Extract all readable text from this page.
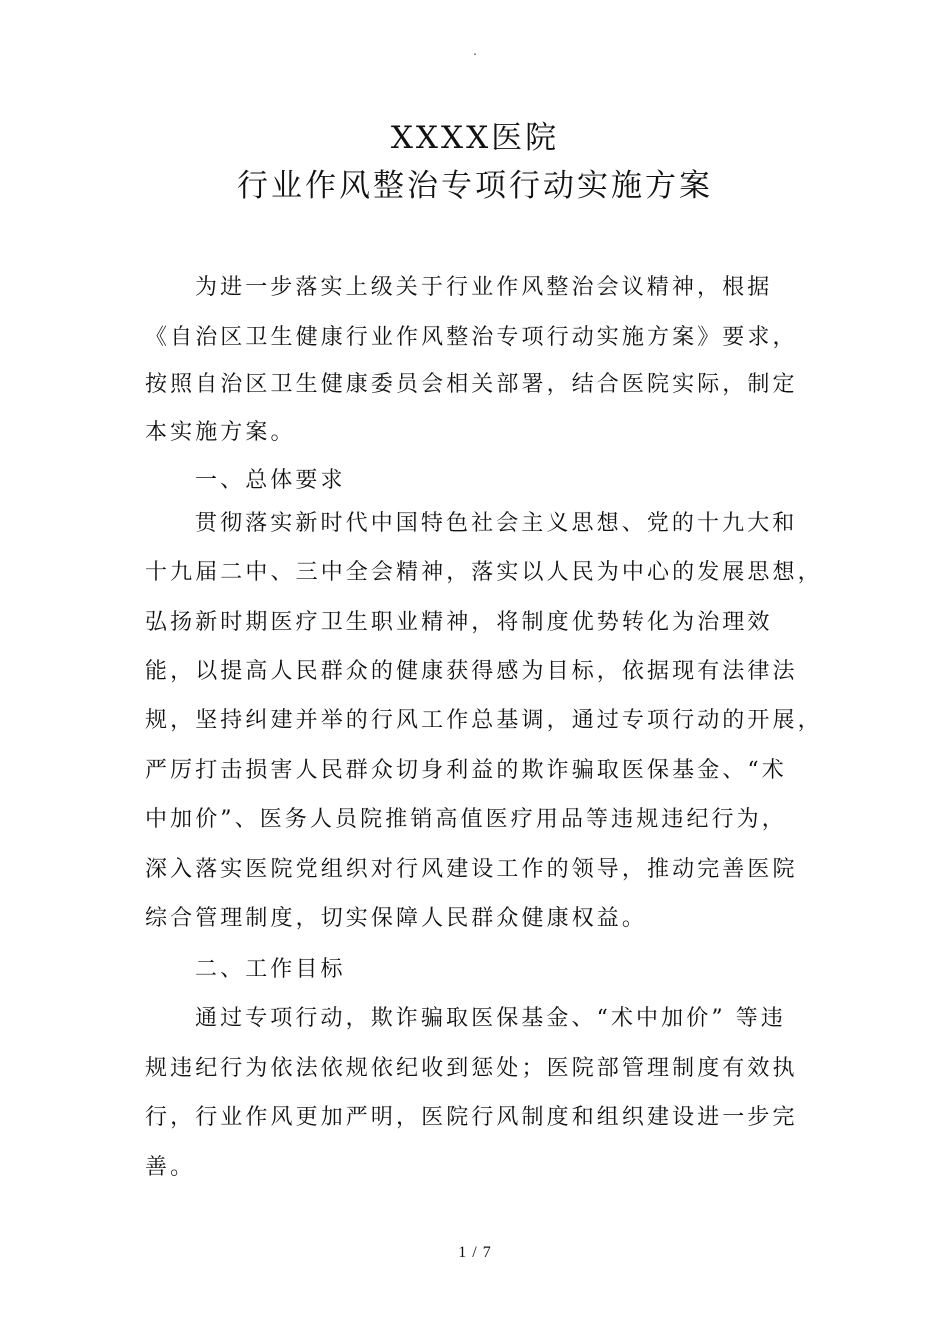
.
XXXX医院
行业作风整治专项行动实施方案
为进一步落实上级关于行业作风整治会议精神，根据
《自治区卫生健康行业作风整治专项行动实施方案》要求，
按照自治区卫生健康委员会相关部署，结合医院实际，制定
本实施方案。
一、总体要求
贯彻落实新时代中国特色社会主义思想、党的十九大和
十九届二中、三中全会精神，落实以人民为中心的发展思想，
弘扬新时期医疗卫生职业精神，将制度优势转化为治理效
能，以提高人民群众的健康获得感为目标，依据现有法律法
规，坚持纠建并举的行风工作总基调，通过专项行动的开展，
严厉打击损害人民群众切身利益的欺诈骗取医保基金、“术
中加价”、医务人员院推销高值医疗用品等违规违纪行为，
深入落实医院党组织对行风建设工作的领导，推动完善医院
综合管理制度，切实保障人民群众健康权益。
二、工作目标
通过专项行动，欺诈骗取医保基金、“术中加价” 等违
规违纪行为依法依规依纪收到惩处；医院部管理制度有效执
行，行业作风更加严明，医院行风制度和组织建设进一步完
善。
1 / 7
